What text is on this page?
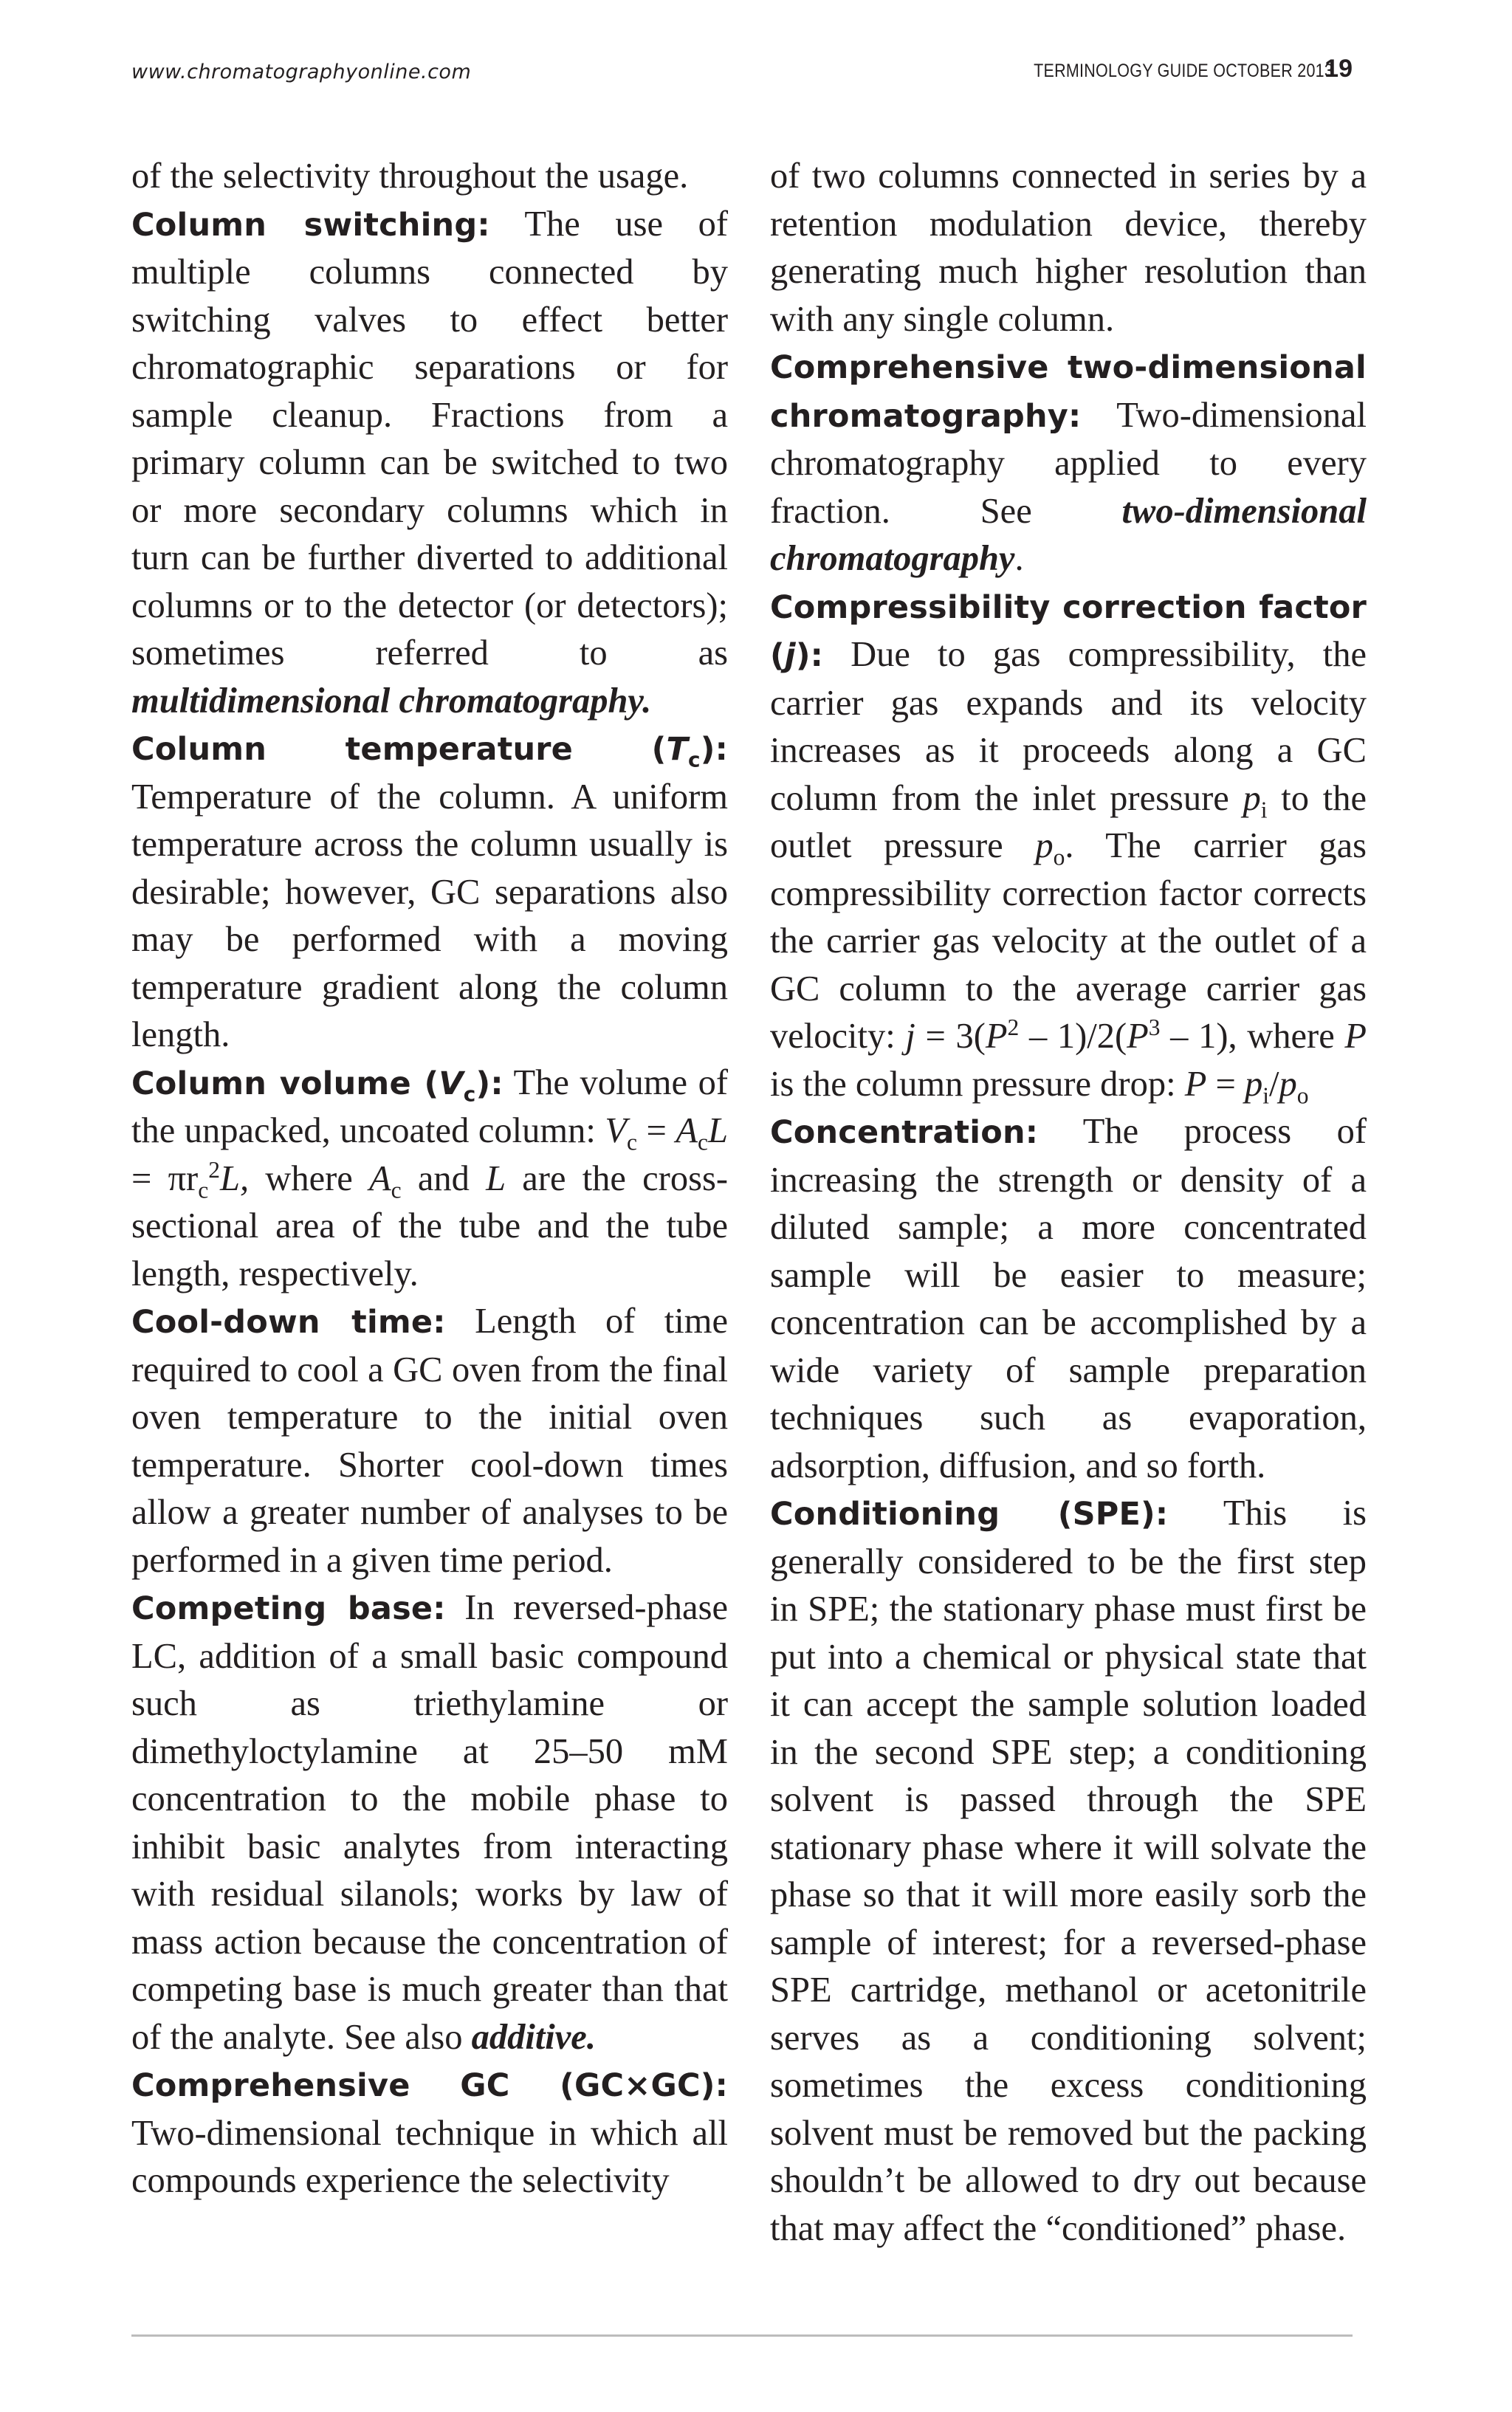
www.chromatographyonline.com	TERMINOLOGY GUIDE OCTOBER 201319

of the selectivity throughout the usage.

Column switching: The use of multiple columns connected by switching valves to effect better chromatographic separations or for sample cleanup. Fractions from a primary column can be switched to two or more secondary columns which in turn can be further diverted to additional columns or to the detector (or detectors); sometimes referred to as multidimensional chromatography.

Column temperature $(T_c)$: Temperature of the column. A uniform temperature across the column usually is desirable; however, GC separations also may be performed with a moving temperature gradient along the column length.

Column volume $(V_c)$: The volume of the unpacked, uncoated column: $V_c = A_cL = \pi r_c^2L$, where $A_c$ and L are the cross-sectional area of the tube and the tube length, respectively.

Cool-down time: Length of time required to cool a GC oven from the final oven temperature to the initial oven temperature. Shorter cool-down times allow a greater number of analyses to be performed in a given time period.

Competing base: In reversed-phase LC, addition of a small basic compound such as triethylamine or dimethyloctylamine at 25–50 mM concentration to the mobile phase to inhibit basic analytes from interacting with residual silanols; works by law of mass action because the concentration of competing base is much greater than that of the analyte. See also additive.

Comprehensive GC (GC×GC): Two-dimensional technique in which all compounds experience the selectivity

of two columns connected in series by a retention modulation device, thereby generating much higher resolution than with any single column.

Comprehensive two-dimensional chromatography: Two-dimensional chromatography applied to every fraction. See two-dimensional chromatography.

Compressibility correction factor (j): Due to gas compressibility, the carrier gas expands and its velocity increases as it proceeds along a GC column from the inlet pressure $p_i$ to the outlet pressure $p_o$. The carrier gas compressibility correction factor corrects the carrier gas velocity at the outlet of a GC column to the average carrier gas velocity: $j = 3(P^2 - 1)/2(P^3 - 1)$, where P is the column pressure drop: $P = p_i/p_o$

Concentration: The process of increasing the strength or density of a diluted sample; a more concentrated sample will be easier to measure; concentration can be accomplished by a wide variety of sample preparation techniques such as evaporation, adsorption, diffusion, and so forth.

Conditioning (SPE): This is generally considered to be the first step in SPE; the stationary phase must first be put into a chemical or physical state that it can accept the sample solution loaded in the second SPE step; a conditioning solvent is passed through the SPE stationary phase where it will solvate the phase so that it will more easily sorb the sample of interest; for a reversed-phase SPE cartridge, methanol or acetonitrile serves as a conditioning solvent; sometimes the excess conditioning solvent must be removed but the packing shouldn’t be allowed to dry out because that may affect the “conditioned” phase.
